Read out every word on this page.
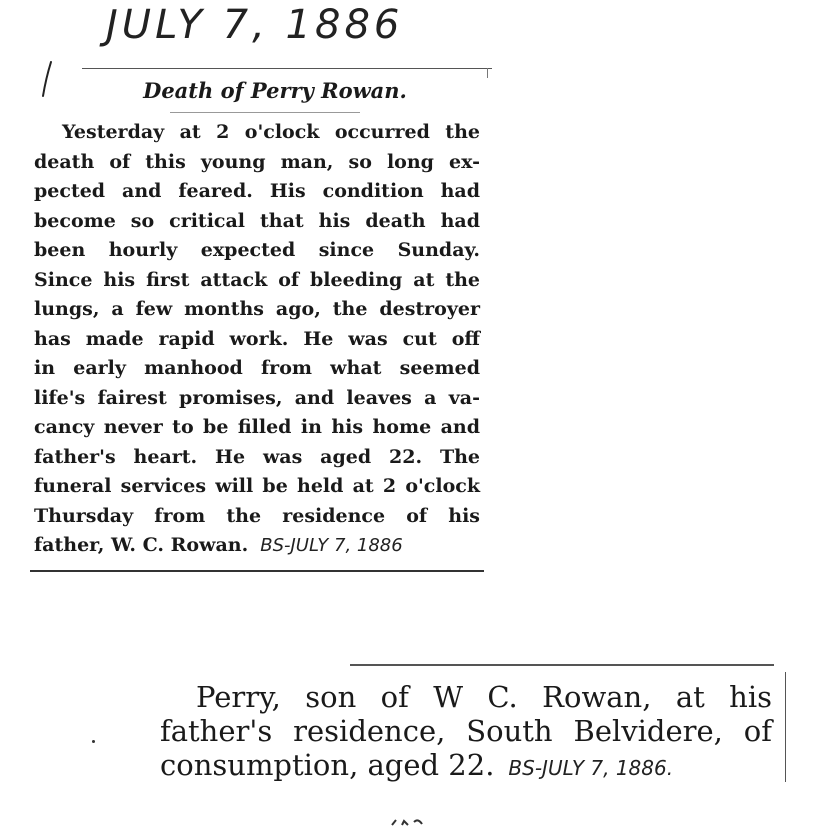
JULY 7, 1886
Death of Perry Rowan.
Yesterday at 2 o'clock occurred the
death of this young man, so long ex-
pected and feared. His condition had
become so critical that his death had
been hourly expected since Sunday.
Since his first attack of bleeding at the
lungs, a few months ago, the destroyer
has made rapid work. He was cut off
in early manhood from what seemed
life's fairest promises, and leaves a va-
cancy never to be filled in his home and
father's heart. He was aged 22. The
funeral services will be held at 2 o'clock
Thursday from the residence of his
father, W. C. Rowan. BS-JULY 7, 1886
Perry, son of W C. Rowan, at his
father's residence, South Belvidere, of
consumption, aged 22. BS-JULY 7, 1886.
